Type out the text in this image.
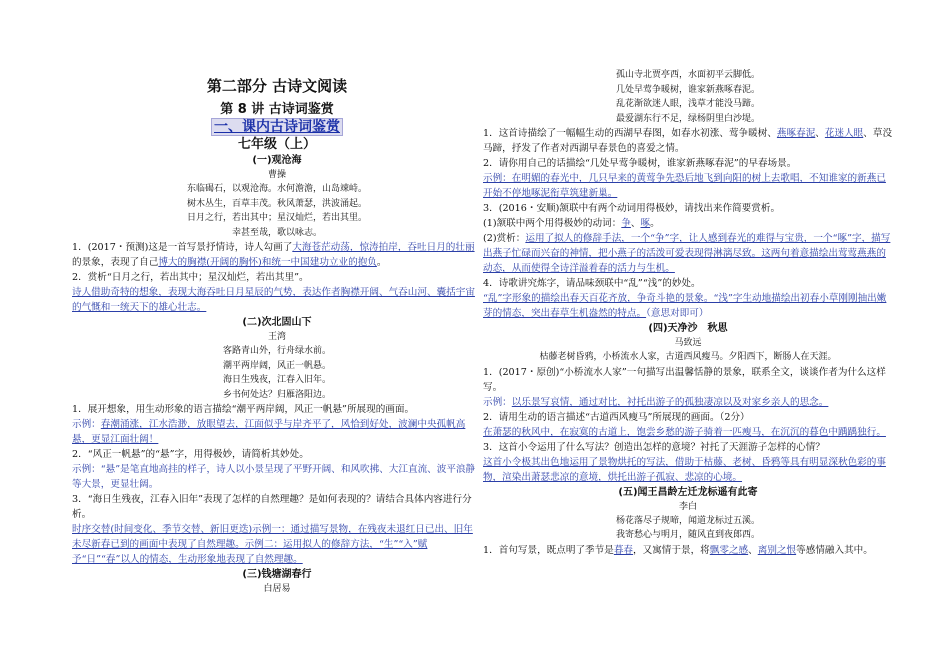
第二部分 古诗文阅读

第 8 讲 古诗词鉴赏

一、课内古诗词鉴赏

七年级（上）

(一)观沧海

曹操

东临碣石，以观沧海。水何澹澹，山岛竦峙。

树木丛生，百草丰茂。秋风萧瑟，洪波涌起。

日月之行，若出其中；星汉灿烂，若出其里。

幸甚至哉，歌以咏志。

1．(2017・预测)这是一首写景抒情诗，诗人勾画了大海苍茫动荡，惊涛拍岸，吞吐日月的壮丽的景象，表现了自己博大的胸襟(开阔的胸怀)和统一中国建功立业的抱负。

2．赏析“日月之行，若出其中；星汉灿烂，若出其里”。

诗人借助奇特的想象，表现大海吞吐日月星辰的气势，表达作者胸襟开阔、气吞山河、囊括宇宙的气慨和一统天下的雄心壮志。

(二)次北固山下

王湾

客路青山外，行舟绿水前。

潮平两岸阔，风正一帆悬。

海日生残夜，江春入旧年。

乡书何处达？归雁洛阳边。

1．展开想象，用生动形象的语言描绘“潮平两岸阔，风正一帆悬”所展现的画面。

示例：春潮涌涨，江水浩渺，放眼望去，江面似乎与岸齐平了，风恰到好处，波澜中央孤帆高悬，更显江面壮阔！

2．“风正一帆悬”的“悬”字，用得极妙，请简析其妙处。

示例：“悬”是笔直地高挂的样子，诗人以小景呈现了平野开阔、和风吹拂、大江直流、波平浪静等大景，更显壮阔。

3．“海日生残夜，江春入旧年”表现了怎样的自然理趣？是如何表现的？请结合具体内容进行分析。

时序交替(时间变化、季节交替、新旧更迭)示例一：通过描写景物，在残夜未退红日已出、旧年未尽新春已到的画面中表现了自然理趣。示例二：运用拟人的修辞方法，“生”“入”赋予“日”“春”以人的情态，生动形象地表现了自然理趣。

(三)钱塘湖春行

白居易

孤山寺北贾亭西，水面初平云脚低。

几处早莺争暖树，谁家新燕啄春泥。

乱花渐欲迷人眼，浅草才能没马蹄。

最爱湖东行不足，绿杨阴里白沙堤。

1．这首诗描绘了一幅幅生动的西湖早春图，如春水初涨、莺争暖树、燕啄春泥、花迷人眼、草没马蹄，抒发了作者对西湖早春景色的喜爱之情。

2．请你用自己的话描绘“几处早莺争暖树，谁家新燕啄春泥”的早春场景。

示例：在明媚的春光中，几只早来的黄莺争先恐后地飞到向阳的树上去歌唱，不知谁家的新燕已开始不停地啄泥衔草筑建新巢。

3．(2016・安顺)颔联中有两个动词用得极妙，请找出来作简要赏析。

(1)颔联中两个用得极妙的动词：争、啄。

(2)赏析：运用了拟人的修辞手法，一个“争”字，让人感到春光的难得与宝贵，一个“啄”字，描写出燕子忙碌而兴奋的神情，把小燕子的活泼可爱表现得淋漓尽致。这两句着意描绘出莺莺燕燕的动态，从而使得全诗洋溢着春的活力与生机。

4．诗歌讲究炼字，请品味颈联中“乱”“浅”的妙处。

“乱”字形象的描绘出春天百花齐放，争奇斗艳的景象。“浅”字生动地描绘出初春小草刚刚抽出嫩芽的情态，突出春草生机盎然的特点。（意思对即可）

(四)天净沙　秋思

马致远

枯藤老树昏鸦，小桥流水人家，古道西风瘦马。夕阳西下，断肠人在天涯。

1．(2017・原创)“小桥流水人家”一句描写出温馨恬静的景象，联系全文，谈谈作者为什么这样写。

示例：以乐景写哀情，通过对比，衬托出游子的孤独凄凉以及对家乡亲人的思念。

2．请用生动的语言描述“古道西风瘦马”所展现的画面。（2分）

在萧瑟的秋风中，在寂寞的古道上，饱尝乡愁的游子骑着一匹瘦马，在沉沉的暮色中踽踽独行。

3．这首小令运用了什么写法？创造出怎样的意境？衬托了天涯游子怎样的心情？

这首小令极其出色地运用了景物烘托的写法，借助于枯藤、老树、昏鸦等具有明显深秋色彩的事物，渲染出萧瑟悲凉的意境，烘托出游子孤寂、悲凉的心境。

(五)闻王昌龄左迁龙标遥有此寄

李白

杨花落尽子规啼，闻道龙标过五溪。

我寄愁心与明月，随风直到夜郎西。

1．首句写景，既点明了季节是暮春，又寓情于景，将飘零之感、离别之恨等感情融入其中。
